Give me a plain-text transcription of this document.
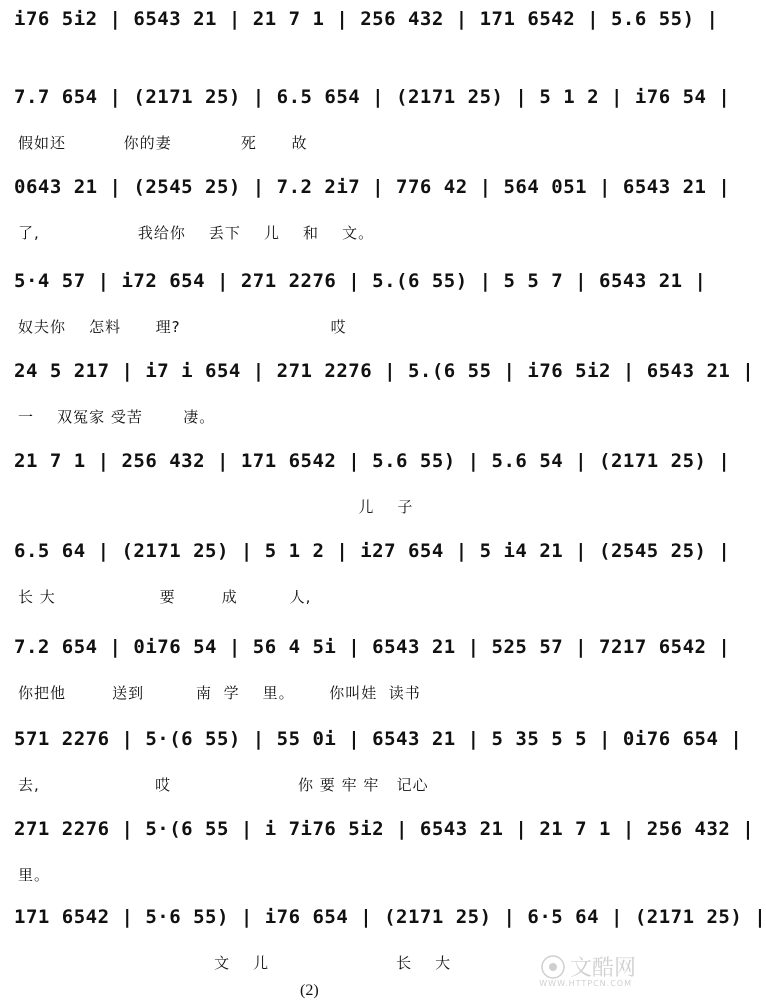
i76 5i2 | 6543 21 | 21 7 1 | 256 432 | 171 6542 | 5.6 55) |
7.7 654 | (2171 25) | 6.5 654 | (2171 25) | 5 1 2 | i76 54 |
假如还          你的妻            死      故
0643 21 | (2545 25) | 7.2 2i7 | 776 42 | 564 051 | 6543 21 |
了,                 我给你    丢下    儿    和    文。
5·4 57 | i72 654 | 271 2276 | 5.(6 55) | 5 5 7 | 6543 21 |
奴夫你    怎料      理?                          哎
24 5 217 | i7 i 654 | 271 2276 | 5.(6 55 | i76 5i2 | 6543 21 |
一    双冤家 受苦       凄。
21 7 1 | 256 432 | 171 6542 | 5.6 55) | 5.6 54 | (2171 25) |
儿    子
6.5 64 | (2171 25) | 5 1 2 | i27 654 | 5 i4 21 | (2545 25) |
长 大                  要        成         人,
7.2 654 | 0i76 54 | 56 4 5i | 6543 21 | 525 57 | 7217 6542 |
你把他        送到         南  学    里。      你叫娃  读书
571 2276 | 5·(6 55) | 55 0i | 6543 21 | 5 35 5 5 | 0i76 654 |
去,                    哎                      你 要 牢 牢   记心
271 2276 | 5·(6 55 | i 7i76 5i2 | 6543 21 | 21 7 1 | 256 432 |
里。
171 6542 | 5·6 55) | i76 654 | (2171 25) | 6·5 64 | (2171 25) |
文    儿                      长    大
(2)
文酷网
WWW.HTTPCN.COM
